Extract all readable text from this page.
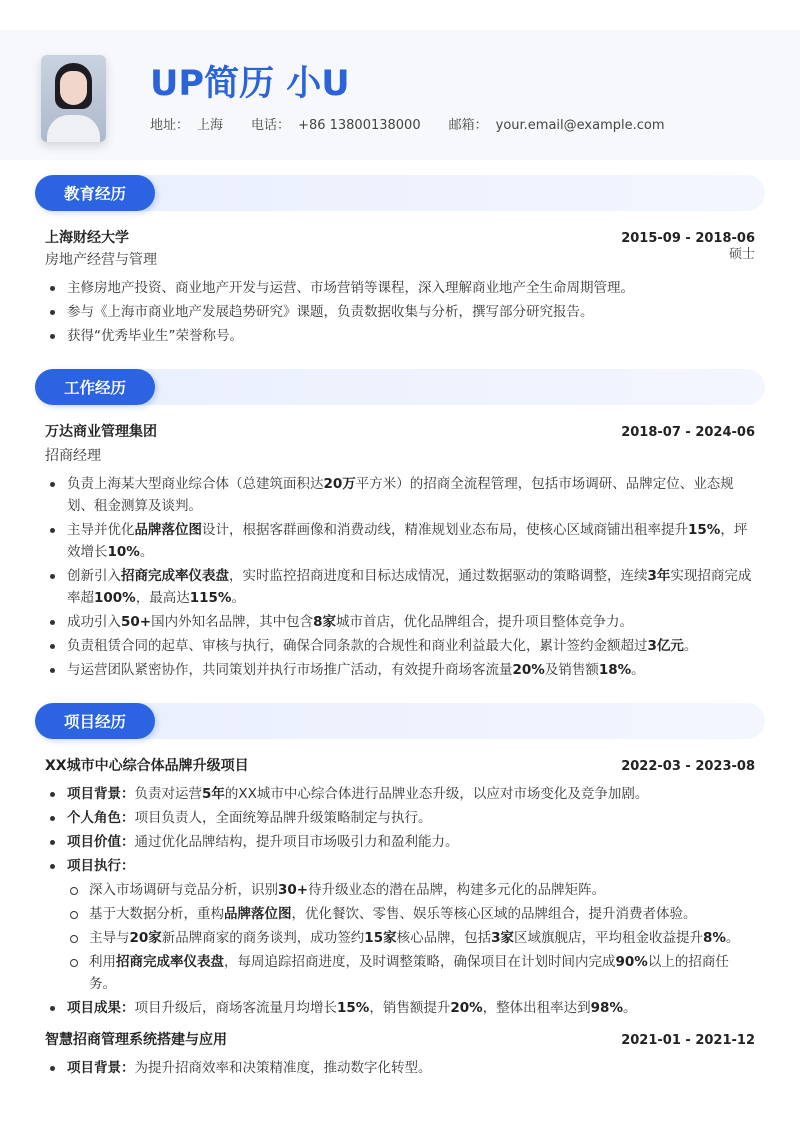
UP简历 小U
地址： 上海 电话： +86 13800138000 邮箱： your.email@example.com
教育经历
上海财经大学	2015-09 - 2018-06
房地产经营与管理	硕士
主修房地产投资、商业地产开发与运营、市场营销等课程，深入理解商业地产全生命周期管理。
参与《上海市商业地产发展趋势研究》课题，负责数据收集与分析，撰写部分研究报告。
获得“优秀毕业生”荣誉称号。
工作经历
万达商业管理集团	2018-07 - 2024-06
招商经理
负责上海某大型商业综合体（总建筑面积达20万平方米）的招商全流程管理，包括市场调研、品牌定位、业态规划、租金测算及谈判。
主导并优化品牌落位图设计，根据客群画像和消费动线，精准规划业态布局，使核心区域商铺出租率提升15%，坪效增长10%。
创新引入招商完成率仪表盘，实时监控招商进度和目标达成情况，通过数据驱动的策略调整，连续3年实现招商完成率超100%，最高达115%。
成功引入50+国内外知名品牌，其中包含8家城市首店，优化品牌组合，提升项目整体竞争力。
负责租赁合同的起草、审核与执行，确保合同条款的合规性和商业利益最大化，累计签约金额超过3亿元。
与运营团队紧密协作，共同策划并执行市场推广活动，有效提升商场客流量20%及销售额18%。
项目经历
XX城市中心综合体品牌升级项目	2022-03 - 2023-08
项目背景：负责对运营5年的XX城市中心综合体进行品牌业态升级，以应对市场变化及竞争加剧。
个人角色：项目负责人，全面统筹品牌升级策略制定与执行。
项目价值：通过优化品牌结构，提升项目市场吸引力和盈利能力。
项目执行：
深入市场调研与竞品分析，识别30+待升级业态的潜在品牌，构建多元化的品牌矩阵。
基于大数据分析，重构品牌落位图，优化餐饮、零售、娱乐等核心区域的品牌组合，提升消费者体验。
主导与20家新品牌商家的商务谈判，成功签约15家核心品牌，包括3家区域旗舰店，平均租金收益提升8%。
利用招商完成率仪表盘，每周追踪招商进度，及时调整策略，确保项目在计划时间内完成90%以上的招商任务。
项目成果：项目升级后，商场客流量月均增长15%，销售额提升20%，整体出租率达到98%。
智慧招商管理系统搭建与应用	2021-01 - 2021-12
项目背景：为提升招商效率和决策精准度，推动数字化转型。
